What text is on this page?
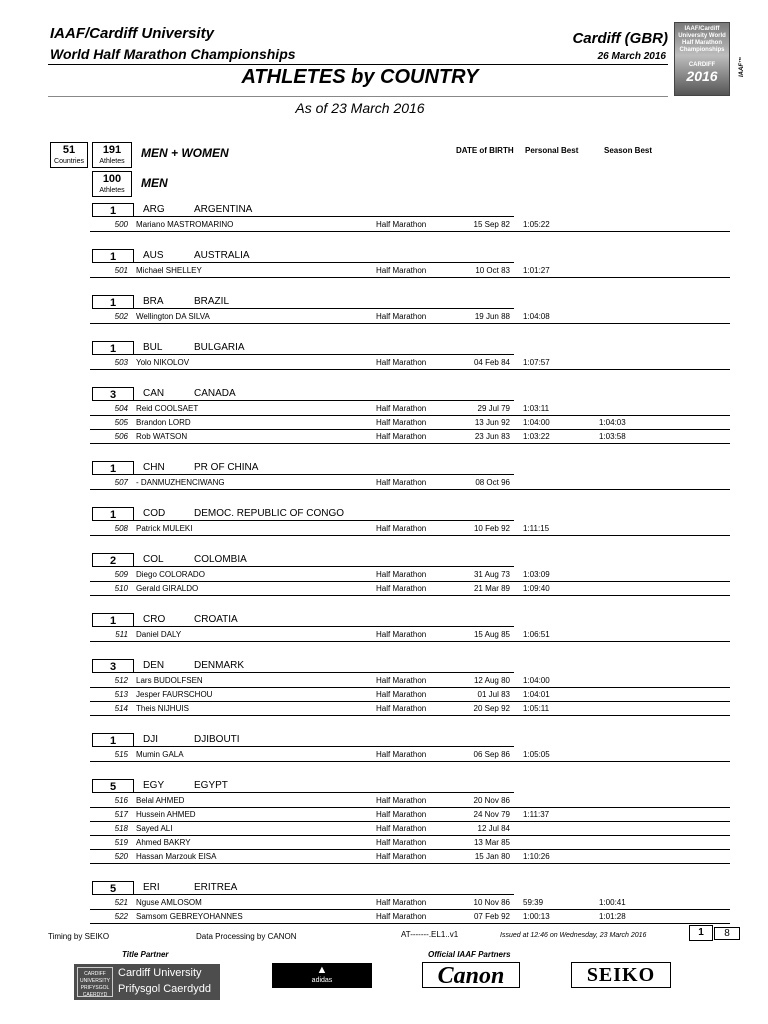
IAAF/Cardiff University
World Half Marathon Championships
Cardiff (GBR)
26 March 2016
ATHLETES by COUNTRY
As of 23 March 2016
IAAF/Cardiff University World Half Marathon Championships
CARDIFF
2016	IAAF™
51
Countries
191
Athletes
MEN + WOMEN	DATE of BIRTH Personal Best	Season Best
100
Athletes
MEN
1	ARG	ARGENTINA
500 Mariano MASTROMARINO	Half Marathon	15 Sep 82 1:05:22
1	AUS	AUSTRALIA
501 Michael SHELLEY	Half Marathon	10 Oct 83 1:01:27
1	BRA	BRAZIL
502 Wellington DA SILVA	Half Marathon	19 Jun 88 1:04:08
1	BUL	BULGARIA
503 Yolo NIKOLOV	Half Marathon	04 Feb 84 1:07:57
3	CAN	CANADA
504 Reid COOLSAET	Half Marathon	29 Jul 79 1:03:11
505 Brandon LORD	Half Marathon	13 Jun 92 1:04:00	1:04:03
506 Rob WATSON	Half Marathon	23 Jun 83 1:03:22	1:03:58
1	CHN	PR OF CHINA
507 - DANMUZHENCIWANG	Half Marathon	08 Oct 96
1	COD	DEMOC. REPUBLIC OF CONGO
508 Patrick MULEKI	Half Marathon	10 Feb 92 1:11:15
2	COL	COLOMBIA
509 Diego COLORADO	Half Marathon	31 Aug 73 1:03:09
510 Gerald GIRALDO	Half Marathon	21 Mar 89 1:09:40
1	CRO	CROATIA
511 Daniel DALY	Half Marathon	15 Aug 85 1:06:51
3	DEN	DENMARK
512 Lars BUDOLFSEN	Half Marathon	12 Aug 80 1:04:00
513 Jesper FAURSCHOU	Half Marathon	01 Jul 83 1:04:01
514 Theis NIJHUIS	Half Marathon	20 Sep 92 1:05:11
1	DJI	DJIBOUTI
515 Mumin GALA	Half Marathon	06 Sep 86 1:05:05
5	EGY	EGYPT
516 Belal AHMED	Half Marathon	20 Nov 86
517 Hussein AHMED	Half Marathon	24 Nov 79 1:11:37
518 Sayed ALI	Half Marathon	12 Jul 84
519 Ahmed BAKRY	Half Marathon	13 Mar 85
520 Hassan Marzouk EISA	Half Marathon	15 Jan 80 1:10:26
5	ERI	ERITREA
521 Nguse AMLOSOM	Half Marathon	10 Nov 86 59:39	1:00:41
522 Samsom GEBREYOHANNES	Half Marathon	07 Feb 92 1:00:13	1:01:28
Timing by SEIKO	Data Processing by CANON	AT-------.EL1..v1	Issued at 12:46 on Wednesday, 23 March 2016	1	8
Title Partner	Official IAAF Partners
CARDIFF UNIVERSITY PRIFYSGOL CAERDYD
Cardiff University
Prifysgol Caerdydd
▲
adidas	Canon	SEIKO
